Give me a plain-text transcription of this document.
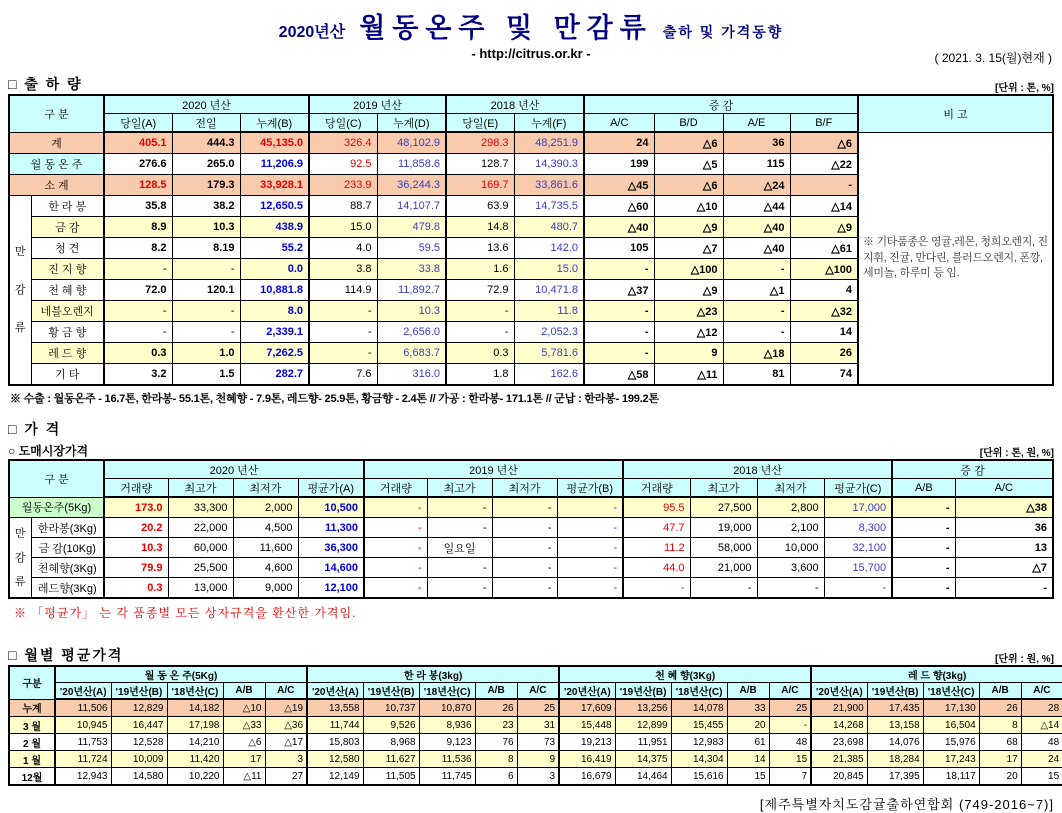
2020년산 월동온주 및 만감류 출하 및 가격동향
- http://citrus.or.kr -	( 2021. 3. 15(월)현재 )
□ 출 하 량	[단위 : 톤, %]
구 분		2020 년산			2019 년산		2018 년산		증 감				비 고
		당일(A)	전일	누계(B)	당일(C)	누계(D)	당일(E)	누계(F)	A/C	B/D	A/E	B/F	
계		405.1	444.3	45,135.0	326.4	48,102.9	298.3	48,251.9	24	△6	36	△6	※ 기타품종은 영귤,레몬, 청희오렌지, 진지휘, 진귤, 만다린, 블러드오렌지, 폰깡,세미놀, 하루미 등 임.
월 동 온 주		276.6	265.0	11,206.9	92.5	11,858.6	128.7	14,390.3	199	△5	115	△22	
소 계		128.5	179.3	33,928.1	233.9	36,244.3	169.7	33,861.6	△45	△6	△24	-	
만
감
류	한 라 봉	35.8	38.2	12,650.5	88.7	14,107.7	63.9	14,735.5	△60	△10	△44	△14	
	금 감	8.9	10.3	438.9	15.0	479.8	14.8	480.7	△40	△9	△40	△9	
	청 견	8.2	8.19	55.2	4.0	59.5	13.6	142.0	105	△7	△40	△61	
	진 지 향	-	-	0.0	3.8	33.8	1.6	15.0	-	△100	-	△100	
	천 혜 향	72.0	120.1	10,881.8	114.9	11,892.7	72.9	10,471.8	△37	△9	△1	4	
	네블오렌지	-	-	8.0	-	10.3	-	11.8	-	△23	-	△32	
	황 금 향	-	-	2,339.1	-	2,656.0	-	2,052.3	-	△12	-	14	
	레 드 향	0.3	1.0	7,262.5	-	6,683.7	0.3	5,781.6	-	9	△18	26	
	기 타	3.2	1.5	282.7	7.6	316.0	1.8	162.6	△58	△11	81	74	
※ 수출 : 월동온주 - 16.7톤, 한라봉- 55.1톤, 천혜향 - 7.9톤, 레드향- 25.9톤, 황금향 - 2.4톤 // 가공 : 한라봉- 171.1톤 // 군납 : 한라봉- 199.2톤
□ 가 격
○ 도매시장가격	[단위 : 톤, 원, %]
구 분		2020 년산				2019 년산				2018 년산				증 감	
		거래량	최고가	최저가	평균가(A)	거래량	최고가	최저가	평균가(B)	거래량	최고가	최저가	평균가(C)	A/B	A/C
월동온주(5Kg)		173.0	33,300	2,000	10,500	-	-	-	-	95.5	27,500	2,800	17,000	-	△38
만
감
류	한라봉(3Kg)	20.2	22,000	4,500	11,300	-	-	-	-	47.7	19,000	2,100	8,300	-	36
	금 감(10Kg)	10.3	60,000	11,600	36,300	-	일요일	-	-	11.2	58,000	10,000	32,100	-	13
	천혜향(3Kg)	79.9	25,500	4,600	14,600	-	-	-	-	44.0	21,000	3,600	15,700	-	△7
	레드향(3Kg)	0.3	13,000	9,000	12,100	-	-	-	-	-	-	-	-	-	-
※ 「평균가」 는 각 품종별 모든 상자규격을 환산한 가격임.
□ 월별 평균가격	[단위 : 원, %]
구분	월 동 온 주(5Kg)					한 라 봉(3kg)					천 혜 향(3Kg)					레 드 향(3kg)				
	'20년산(A)	'19년산(B)	'18년산(C)	A/B	A/C	'20년산(A)	'19년산(B)	'18년산(C)	A/B	A/C	'20년산(A)	'19년산(B)	'18년산(C)	A/B	A/C	'20년산(A)	'19년산(B)	'18년산(C)	A/B	A/C
누계	11,506	12,829	14,182	△10	△19	13,558	10,737	10,870	26	25	17,609	13,256	14,078	33	25	21,900	17,435	17,130	26	28
3 월	10,945	16,447	17,198	△33	△36	11,744	9,526	8,936	23	31	15,448	12,899	15,455	20	-	14,268	13,158	16,504	8	△14
2 월	11,753	12,528	14,210	△6	△17	15,803	8,968	9,123	76	73	19,213	11,951	12,983	61	48	23,698	14,076	15,976	68	48
1 월	11,724	10,009	11,420	17	3	12,580	11,627	11,536	8	9	16,419	14,375	14,304	14	15	21,385	18,284	17,243	17	24
12월	12,943	14,580	10,220	△11	27	12,149	11,505	11,745	6	3	16,679	14,464	15,616	15	7	20,845	17,395	18,117	20	15
[제주특별자치도감귤출하연합회 (749-2016~7)]
